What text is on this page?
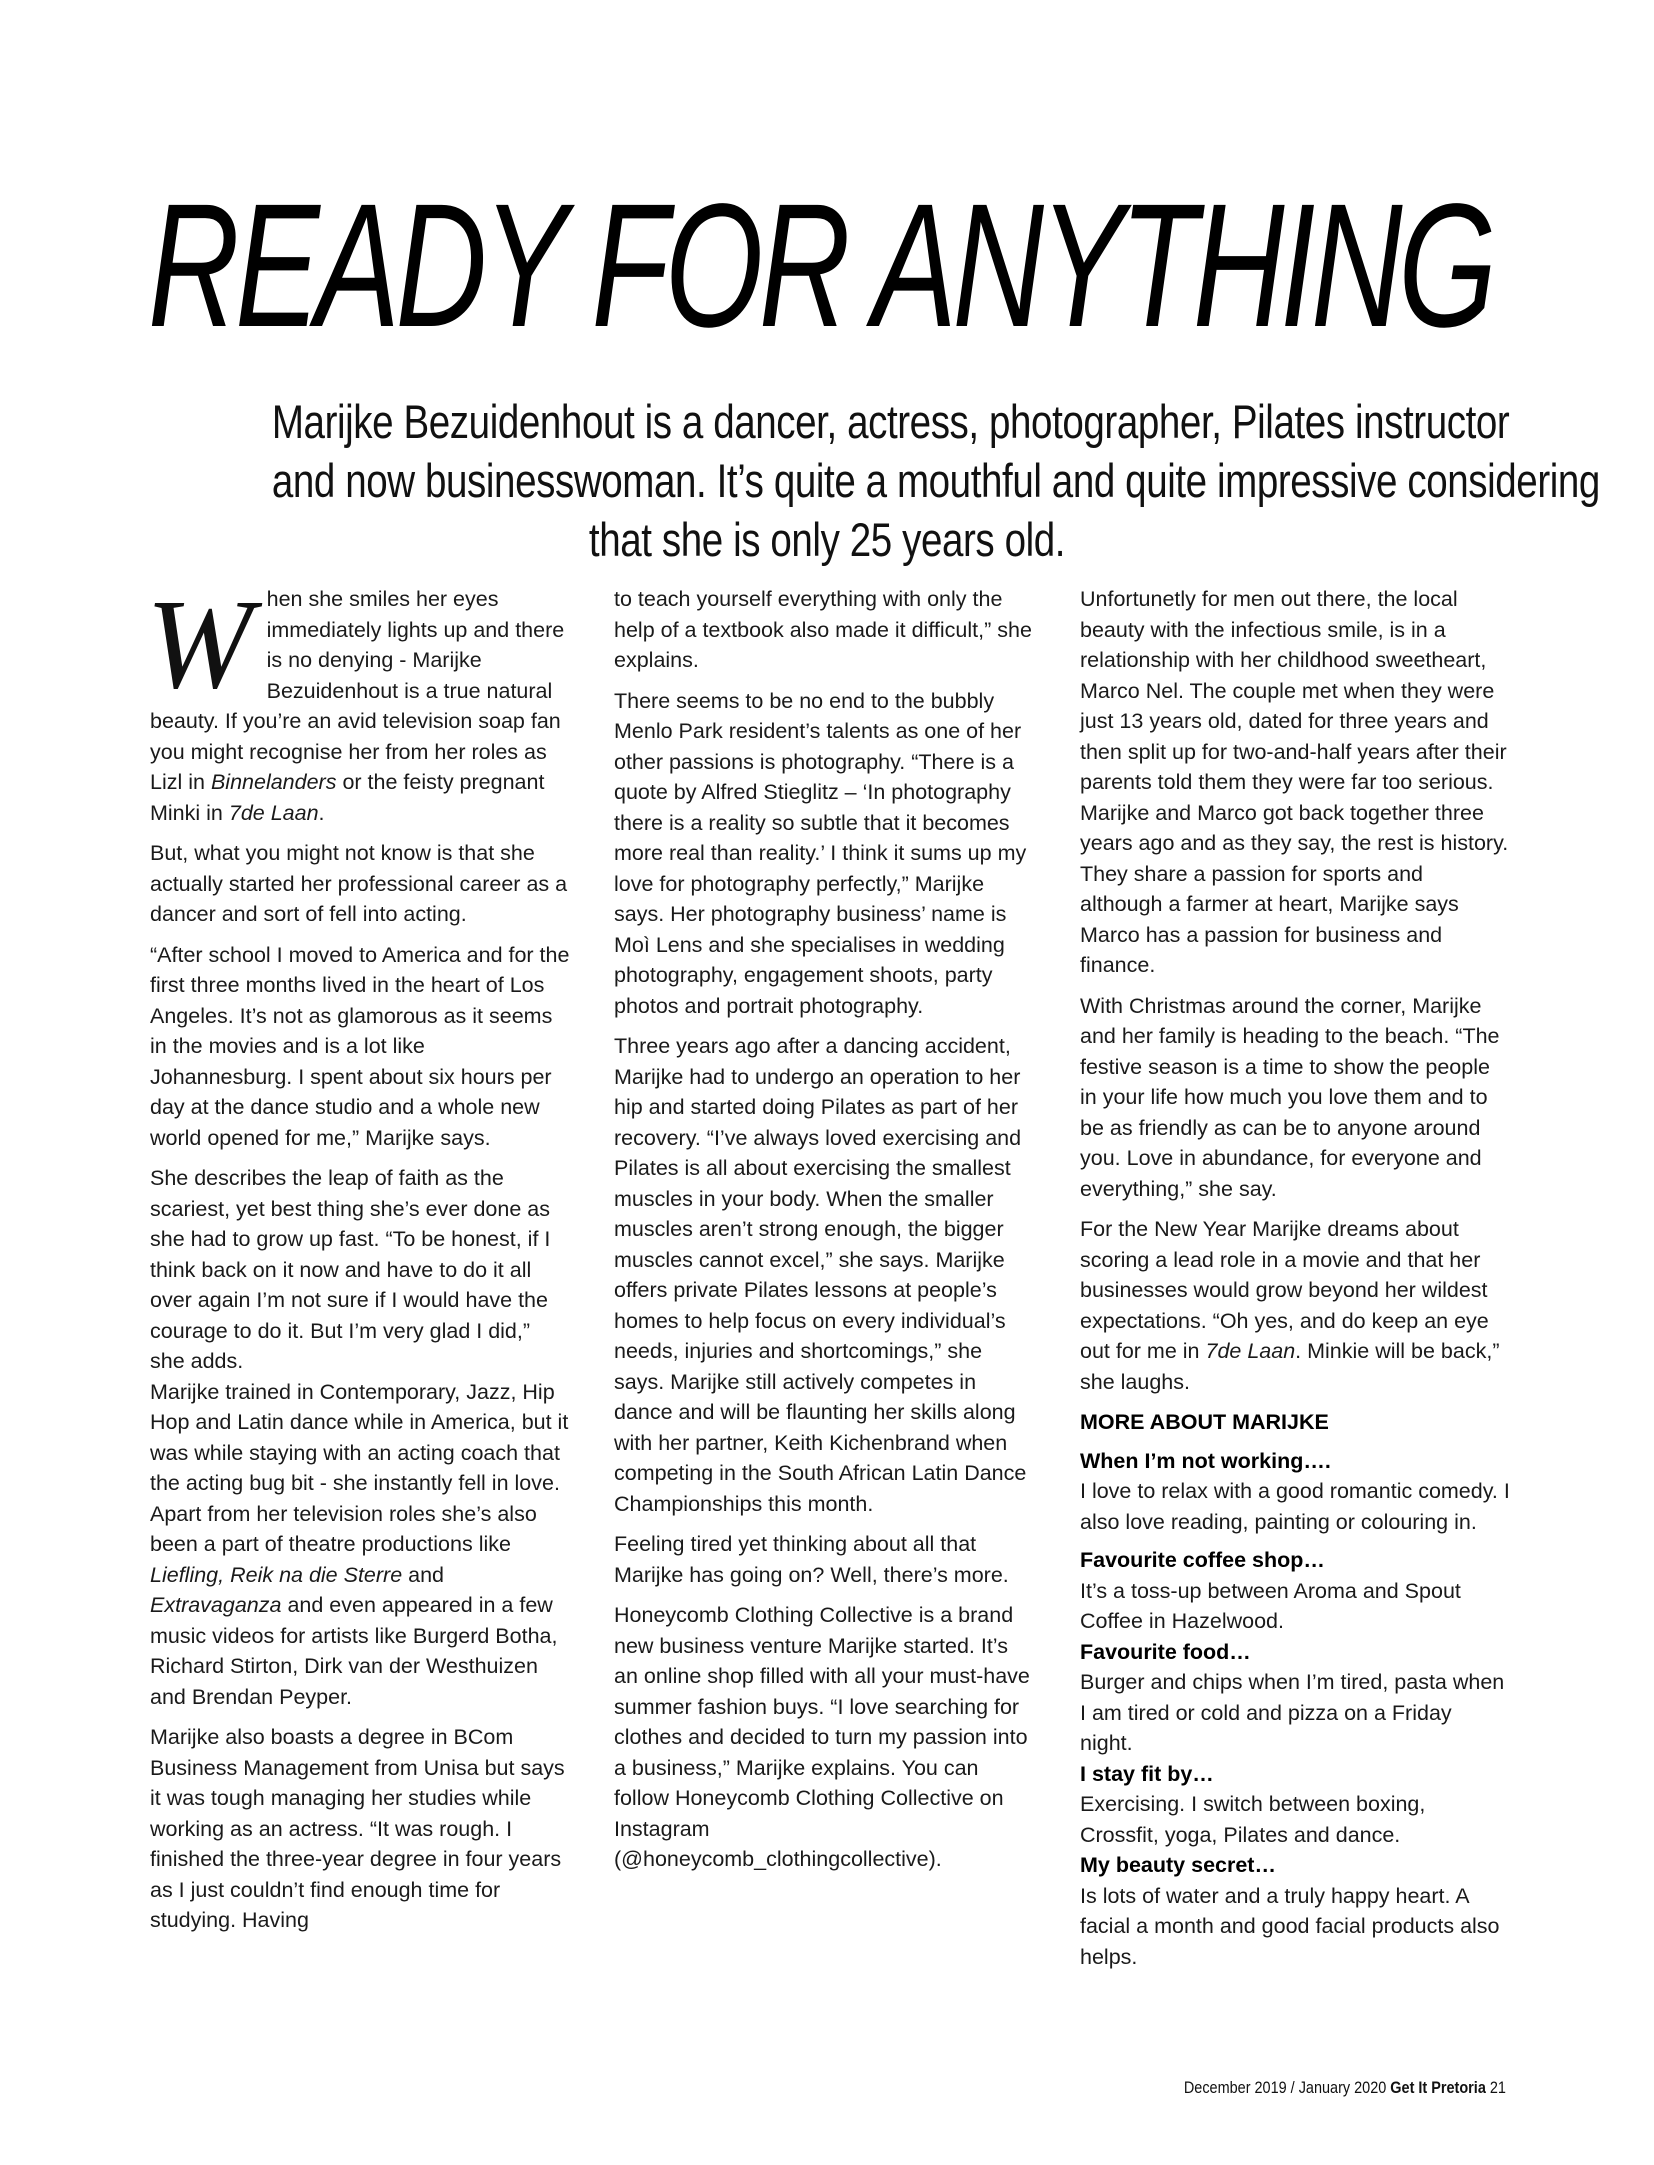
READY FOR ANYTHING
Marijke Bezuidenhout is a dancer, actress, photographer, Pilates instructor
and now businesswoman. It’s quite a mouthful and quite impressive considering
that she is only 25 years old.

When she smiles her eyes immediately lights up and there is no denying - Marijke Bezuidenhout is a true natural beauty. If you’re an avid television soap fan you might recognise her from her roles as Lizl in Binnelanders or the feisty pregnant Minki in 7de Laan.

But, what you might not know is that she actually started her professional career as a dancer and sort of fell into acting.

“After school I moved to America and for the first three months lived in the heart of Los Angeles. It’s not as glamorous as it seems in the movies and is a lot like Johannesburg. I spent about six hours per day at the dance studio and a whole new world opened for me,” Marijke says.

She describes the leap of faith as the scariest, yet best thing she’s ever done as she had to grow up fast. “To be honest, if I think back on it now and have to do it all over again I’m not sure if I would have the courage to do it. But I’m very glad I did,” she adds.

Marijke trained in Contemporary, Jazz, Hip Hop and Latin dance while in America, but it was while staying with an acting coach that the acting bug bit - she instantly fell in love.

Apart from her television roles she’s also been a part of theatre productions like Liefling, Reik na die Sterre and Extravaganza and even appeared in a few music videos for artists like Burgerd Botha, Richard Stirton, Dirk van der Westhuizen and Brendan Peyper.

Marijke also boasts a degree in BCom Business Management from Unisa but says it was tough managing her studies while working as an actress. “It was rough. I finished the three-year degree in four years as I just couldn’t find enough time for studying. Having

to teach yourself everything with only the help of a textbook also made it difficult,” she explains.

There seems to be no end to the bubbly Menlo Park resident’s talents as one of her other passions is photography. “There is a quote by Alfred Stieglitz – ‘In photography there is a reality so subtle that it becomes more real than reality.’ I think it sums up my love for photography perfectly,” Marijke says. Her photography business’ name is Moì Lens and she specialises in wedding photography, engagement shoots, party photos and portrait photography.

Three years ago after a dancing accident, Marijke had to undergo an operation to her hip and started doing Pilates as part of her recovery. “I’ve always loved exercising and Pilates is all about exercising the smallest muscles in your body. When the smaller muscles aren’t strong enough, the bigger muscles cannot excel,” she says. Marijke offers private Pilates lessons at people’s homes to help focus on every individual’s needs, injuries and shortcomings,” she says. Marijke still actively competes in dance and will be flaunting her skills along with her partner, Keith Kichenbrand when competing in the South African Latin Dance Championships this month.

Feeling tired yet thinking about all that Marijke has going on? Well, there’s more.

Honeycomb Clothing Collective is a brand new business venture Marijke started. It’s an online shop filled with all your must-have summer fashion buys. “I love searching for clothes and decided to turn my passion into a business,” Marijke explains. You can follow Honeycomb Clothing Collective on Instagram (@honeycomb_clothingcollective).

Unfortunetly for men out there, the local beauty with the infectious smile, is in a relationship with her childhood sweetheart, Marco Nel. The couple met when they were just 13 years old, dated for three years and then split up for two-and-half years after their parents told them they were far too serious. Marijke and Marco got back together three years ago and as they say, the rest is history. They share a passion for sports and although a farmer at heart, Marijke says Marco has a passion for business and finance.

With Christmas around the corner, Marijke and her family is heading to the beach. “The festive season is a time to show the people in your life how much you love them and to be as friendly as can be to anyone around you. Love in abundance, for everyone and everything,” she say.

For the New Year Marijke dreams about scoring a lead role in a movie and that her businesses would grow beyond her wildest expectations. “Oh yes, and do keep an eye out for me in 7de Laan. Minkie will be back,” she laughs.

MORE ABOUT MARIJKE
When I’m not working….
I love to relax with a good romantic comedy. I also love reading, painting or colouring in.
Favourite coffee shop…
It’s a toss-up between Aroma and Spout Coffee in Hazelwood.
Favourite food…
Burger and chips when I’m tired, pasta when I am tired or cold and pizza on a Friday night.
I stay fit by…
Exercising. I switch between boxing, Crossfit, yoga, Pilates and dance.
My beauty secret…
Is lots of water and a truly happy heart. A facial a month and good facial products also helps.
December 2019 / January 2020 Get It Pretoria 21
